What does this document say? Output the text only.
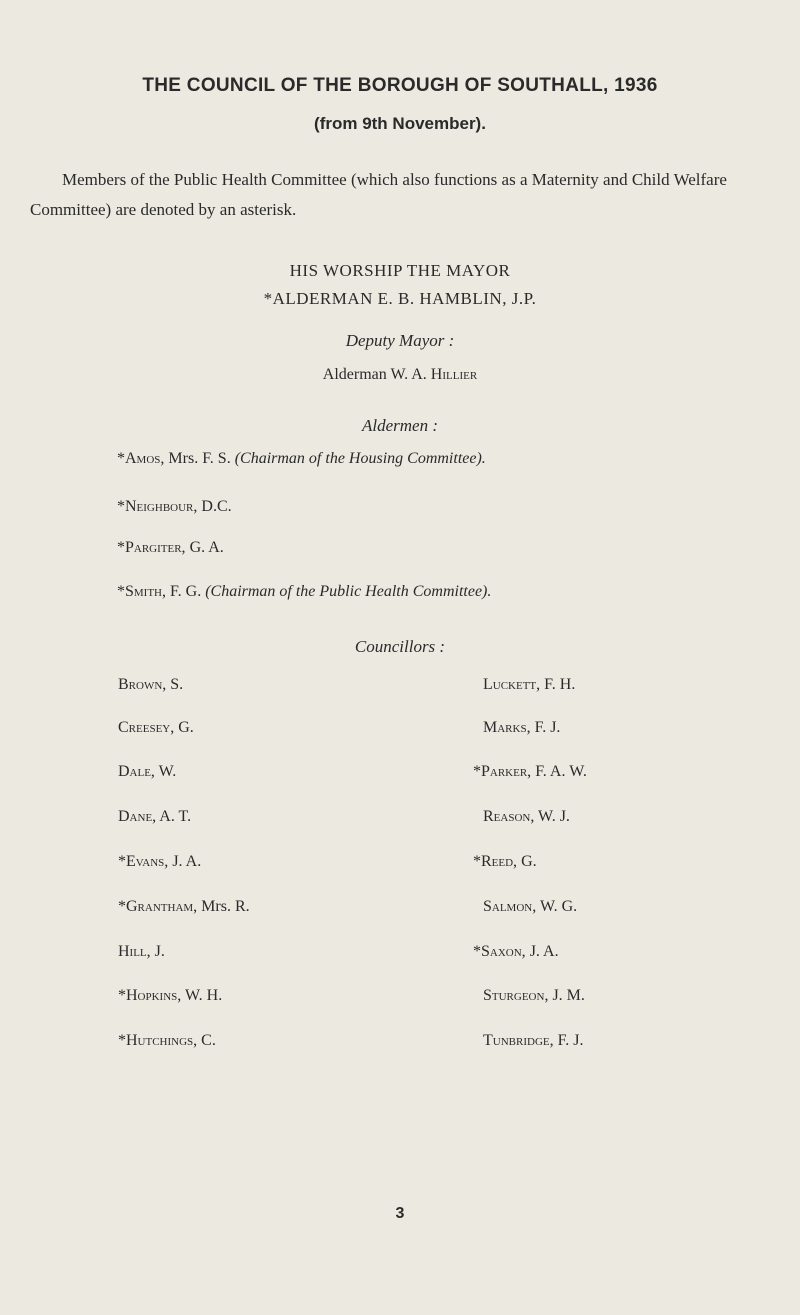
THE COUNCIL OF THE BOROUGH OF SOUTHALL, 1936
(from 9th November).
Members of the Public Health Committee (which also functions as a Maternity and Child Welfare Committee) are denoted by an asterisk.
HIS WORSHIP THE MAYOR
*ALDERMAN E. B. HAMBLIN, J.P.
Deputy Mayor :
Alderman W. A. Hillier
Aldermen :
*Amos, Mrs. F. S. (Chairman of the Housing Committee).
*Neighbour, D.C.
*Pargiter, G. A.
*Smith, F. G. (Chairman of the Public Health Committee).
Councillors :
Brown, S.
Creesey, G.
Dale, W.
Dane, A. T.
*Evans, J. A.
*Grantham, Mrs. R.
Hill, J.
*Hopkins, W. H.
*Hutchings, C.
Luckett, F. H.
Marks, F. J.
*Parker, F. A. W.
Reason, W. J.
*Reed, G.
Salmon, W. G.
*Saxon, J. A.
Sturgeon, J. M.
Tunbridge, F. J.
3
